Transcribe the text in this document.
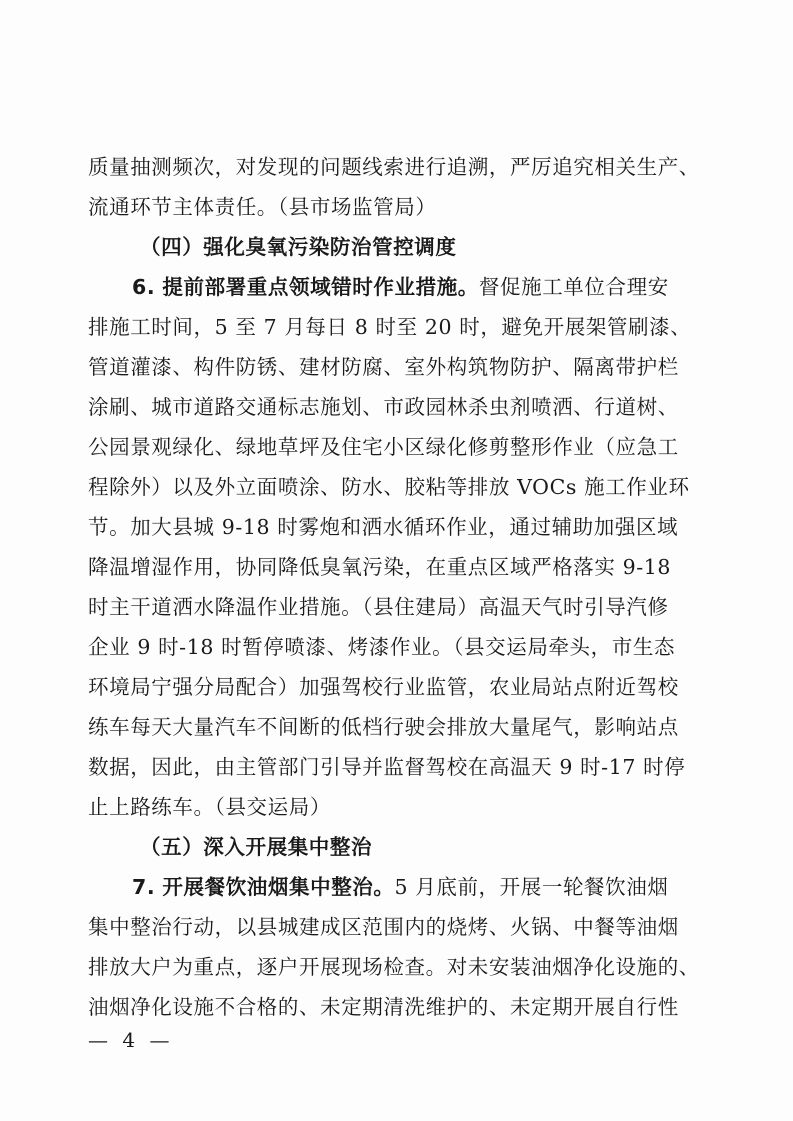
质量抽测频次，对发现的问题线索进行追溯，严厉追究相关生产、
流通环节主体责任。（县市场监管局）
（四）强化臭氧污染防治管控调度
6. 提前部署重点领域错时作业措施。督促施工单位合理安
排施工时间，5 至 7 月每日 8 时至 20 时，避免开展架管刷漆、
管道灌漆、构件防锈、建材防腐、室外构筑物防护、隔离带护栏
涂刷、城市道路交通标志施划、市政园林杀虫剂喷洒、行道树、
公园景观绿化、绿地草坪及住宅小区绿化修剪整形作业（应急工
程除外）以及外立面喷涂、防水、胶粘等排放 VOCs 施工作业环
节。加大县城 9-18 时雾炮和洒水循环作业，通过辅助加强区域
降温增湿作用，协同降低臭氧污染，在重点区域严格落实 9-18
时主干道洒水降温作业措施。（县住建局）高温天气时引导汽修
企业 9 时-18 时暂停喷漆、烤漆作业。（县交运局牵头，市生态
环境局宁强分局配合）加强驾校行业监管，农业局站点附近驾校
练车每天大量汽车不间断的低档行驶会排放大量尾气，影响站点
数据，因此，由主管部门引导并监督驾校在高温天 9 时-17 时停
止上路练车。（县交运局）
（五）深入开展集中整治
7. 开展餐饮油烟集中整治。5 月底前，开展一轮餐饮油烟
集中整治行动，以县城建成区范围内的烧烤、火锅、中餐等油烟
排放大户为重点，逐户开展现场检查。对未安装油烟净化设施的、
油烟净化设施不合格的、未定期清洗维护的、未定期开展自行性
— 4 —
